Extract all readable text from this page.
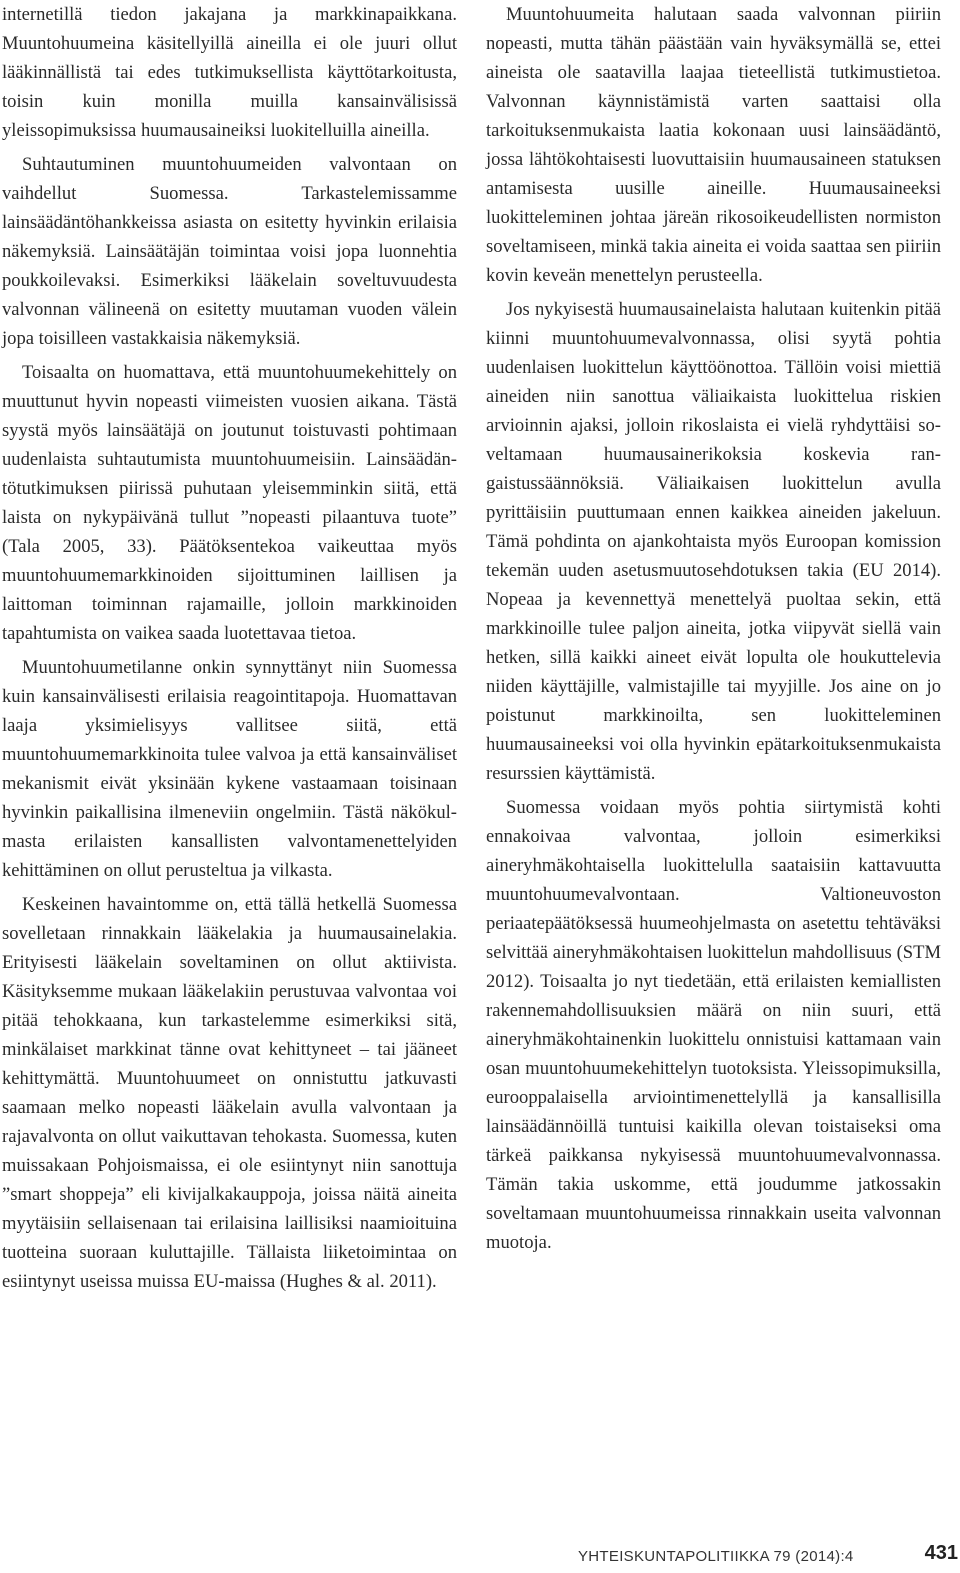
internetillä tiedon jakajana ja markkinapaikkana. Muuntohuumeina käsitellyillä aineilla ei ole juuri ollut lääkinnällistä tai edes tutkimuksellista käyttötarkoitusta, toisin kuin monilla muilla kansainvälisissä yleissopimuksissa huumausaineiksi luokitelluilla aineilla.

Suhtautuminen muuntohuumeiden valvontaan on vaihdellut Suomessa. Tarkastelemissamme lainsäädäntöhankkeissa asiasta on esitetty hyvinkin erilaisia näkemyksiä. Lainsäätäjän toimintaa voisi jopa luonnehtia poukkoilevaksi. Esimerkiksi lääkelain soveltuvuudesta valvonnan välineenä on esitetty muutaman vuoden välein jopa toisilleen vastakkaisia näkemyksiä.

Toisaalta on huomattava, että muuntohuumekehittely on muuttunut hyvin nopeasti viimeisten vuosien aikana. Tästä syystä myös lainsäätäjä on joutunut toistuvasti pohtimaan uudenlaista suhtautumista muuntohuumeisiin. Lainsäädäntötutkimuksen piirissä puhutaan yleisemminkin siitä, että laista on nykypäivänä tullut ”nopeasti pilaantuva tuote” (Tala 2005, 33). Päätöksentekoa vaikeuttaa myös muuntohuumemarkkinoiden sijoittuminen laillisen ja laittoman toiminnan rajamaille, jolloin markkinoiden tapahtumista on vaikea saada luotettavaa tietoa.

Muuntohuumetilanne onkin synnyttänyt niin Suomessa kuin kansainvälisesti erilaisia reagointitapoja. Huomattavan laaja yksimielisyys vallitsee siitä, että muuntohuumemarkkinoita tulee valvoa ja että kansainväliset mekanismit eivät yksinään kykene vastaamaan toisinaan hyvinkin paikallisina ilmeneviin ongelmiin. Tästä näkökulmasta erilaisten kansallisten valvontamenettelyiden kehittäminen on ollut perusteltua ja vilkasta.

Keskeinen havaintomme on, että tällä hetkellä Suomessa sovelletaan rinnakkain lääkelakia ja huumausainelakia. Erityisesti lääkelain soveltaminen on ollut aktiivista. Käsityksemme mukaan lääkelakiin perustuvaa valvontaa voi pitää tehokkaana, kun tarkastelemme esimerkiksi sitä, minkälaiset markkinat tänne ovat kehittyneet – tai jääneet kehittymättä. Muuntohuumeet on onnistuttu jatkuvasti saamaan melko nopeasti lääkelain avulla valvontaan ja rajavalvonta on ollut vaikuttavan tehokasta. Suomessa, kuten muissakaan Pohjoismaissa, ei ole esiintynyt niin sanottuja ”smart shoppeja” eli kivijalkakauppoja, joissa näitä aineita myytäisiin sellaisenaan tai erilaisina laillisiksi naamioituina tuotteina suoraan kuluttajille. Tällaista liiketoimintaa on esiintynyt useissa muissa EU-maissa (Hughes & al. 2011).

Muuntohuumeita halutaan saada valvonnan piiriin nopeasti, mutta tähän päästään vain hyväksymällä se, ettei aineista ole saatavilla laajaa tieteellistä tutkimustietoa. Valvonnan käynnistämistä varten saattaisi olla tarkoituksenmukaista laatia kokonaan uusi lainsäädäntö, jossa lähtökohtaisesti luovuttaisiin huumausaineen statuksen antamisesta uusille aineille. Huumausaineeksi luokitteleminen johtaa järeän rikosoikeudellisten normiston soveltamiseen, minkä takia aineita ei voida saattaa sen piiriin kovin keveän menettelyn perusteella.

Jos nykyisestä huumausainelaista halutaan kuitenkin pitää kiinni muuntohuumevalvonnassa, olisi syytä pohtia uudenlaisen luokittelun käyttöönottoa. Tällöin voisi miettiä aineiden niin sanottua väliaikaista luokittelua riskien arvioinnin ajaksi, jolloin rikoslaista ei vielä ryhdyttäisi soveltamaan huumausainerikoksia koskevia rangaistussäännöksiä. Väliaikaisen luokittelun avulla pyrittäisiin puuttumaan ennen kaikkea aineiden jakeluun. Tämä pohdinta on ajankohtaista myös Euroopan komission tekemän uuden asetusmuutosehdotuksen takia (EU 2014). Nopeaa ja kevennettyä menettelyä puoltaa sekin, että markkinoille tulee paljon aineita, jotka viipyvät siellä vain hetken, sillä kaikki aineet eivät lopulta ole houkuttelevia niiden käyttäjille, valmistajille tai myyjille. Jos aine on jo poistunut markkinoilta, sen luokitteleminen huumausaineeksi voi olla hyvinkin epätarkoituksenmukaista resurssien käyttämistä.

Suomessa voidaan myös pohtia siirtymistä kohti ennakoivaa valvontaa, jolloin esimerkiksi aineryhmäkohtaisella luokittelulla saataisiin kattavuutta muuntohuumevalvontaan. Valtioneuvoston periaatepäätöksessä huumeohjelmasta on asetettu tehtäväksi selvittää aineryhmäkohtaisen luokittelun mahdollisuus (STM 2012). Toisaalta jo nyt tiedetään, että erilaisten kemiallisten rakennemahdollisuuksien määrä on niin suuri, että aineryhmäkohtainenkin luokittelu onnistuisi kattamaan vain osan muuntohuumekehittelyn tuotoksista. Yleissopimuksilla, eurooppalaisella arviointimenettelyllä ja kansallisilla lainsäädännöillä tuntuisi kaikilla olevan toistaiseksi oma tärkeä paikkansa nykyisessä muuntohuumevalvonnassa. Tämän takia uskomme, että joudumme jatkossakin soveltamaan muuntohuumeissa rinnakkain useita valvonnan muotoja.

YHTEISKUNTAPOLITIIKKA 79 (2014):4	431
